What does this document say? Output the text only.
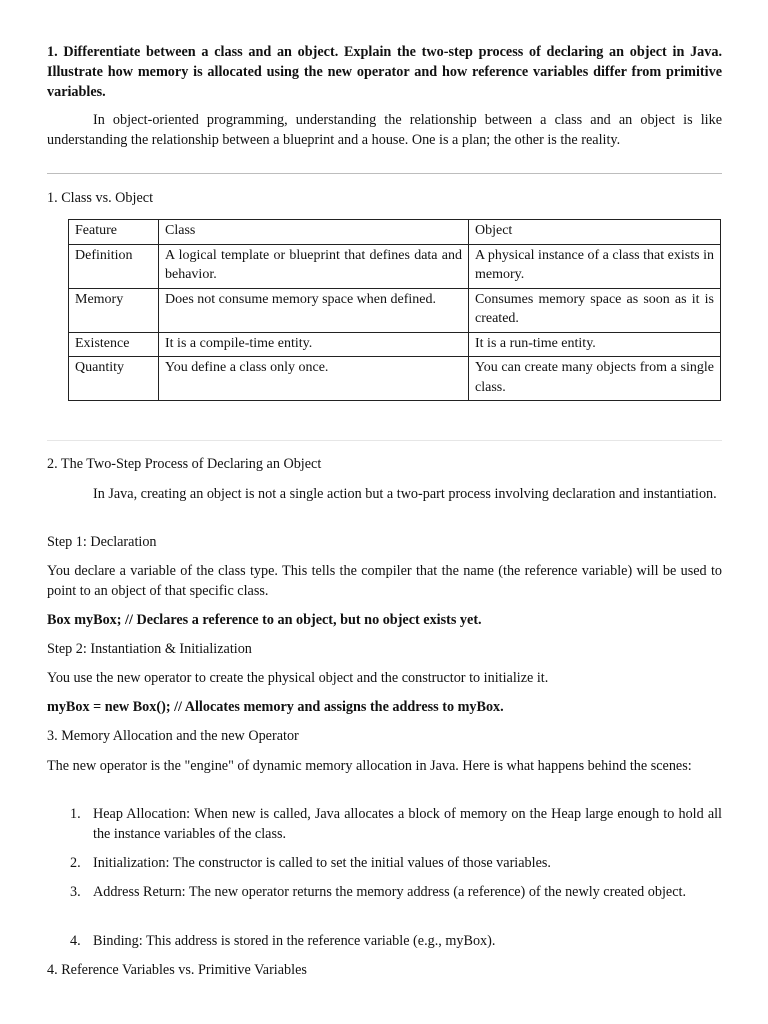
1. Differentiate between a class and an object. Explain the two-step process of declaring an object in Java. Illustrate how memory is allocated using the new operator and how reference variables differ from primitive variables.

In object-oriented programming, understanding the relationship between a class and an object is like understanding the relationship between a blueprint and a house. One is a plan; the other is the reality.

1. Class vs. Object

Feature	Class	Object
Definition	A logical template or blueprint that defines data and behavior.	A physical instance of a class that exists in memory.
Memory	Does not consume memory space when defined.	Consumes memory space as soon as it is created.
Existence	It is a compile-time entity.	It is a run-time entity.
Quantity	You define a class only once.	You can create many objects from a single class.

2. The Two-Step Process of Declaring an Object

In Java, creating an object is not a single action but a two-part process involving declaration and instantiation.

Step 1: Declaration

You declare a variable of the class type. This tells the compiler that the name (the reference variable) will be used to point to an object of that specific class.

Box myBox; // Declares a reference to an object, but no object exists yet.

Step 2: Instantiation & Initialization

You use the new operator to create the physical object and the constructor to initialize it.

myBox = new Box(); // Allocates memory and assigns the address to myBox.

3. Memory Allocation and the new Operator

The new operator is the "engine" of dynamic memory allocation in Java. Here is what happens behind the scenes:

1. Heap Allocation: When new is called, Java allocates a block of memory on the Heap large enough to hold all the instance variables of the class.
2. Initialization: The constructor is called to set the initial values of those variables.
3. Address Return: The new operator returns the memory address (a reference) of the newly created object.
4. Binding: This address is stored in the reference variable (e.g., myBox).

4. Reference Variables vs. Primitive Variables
